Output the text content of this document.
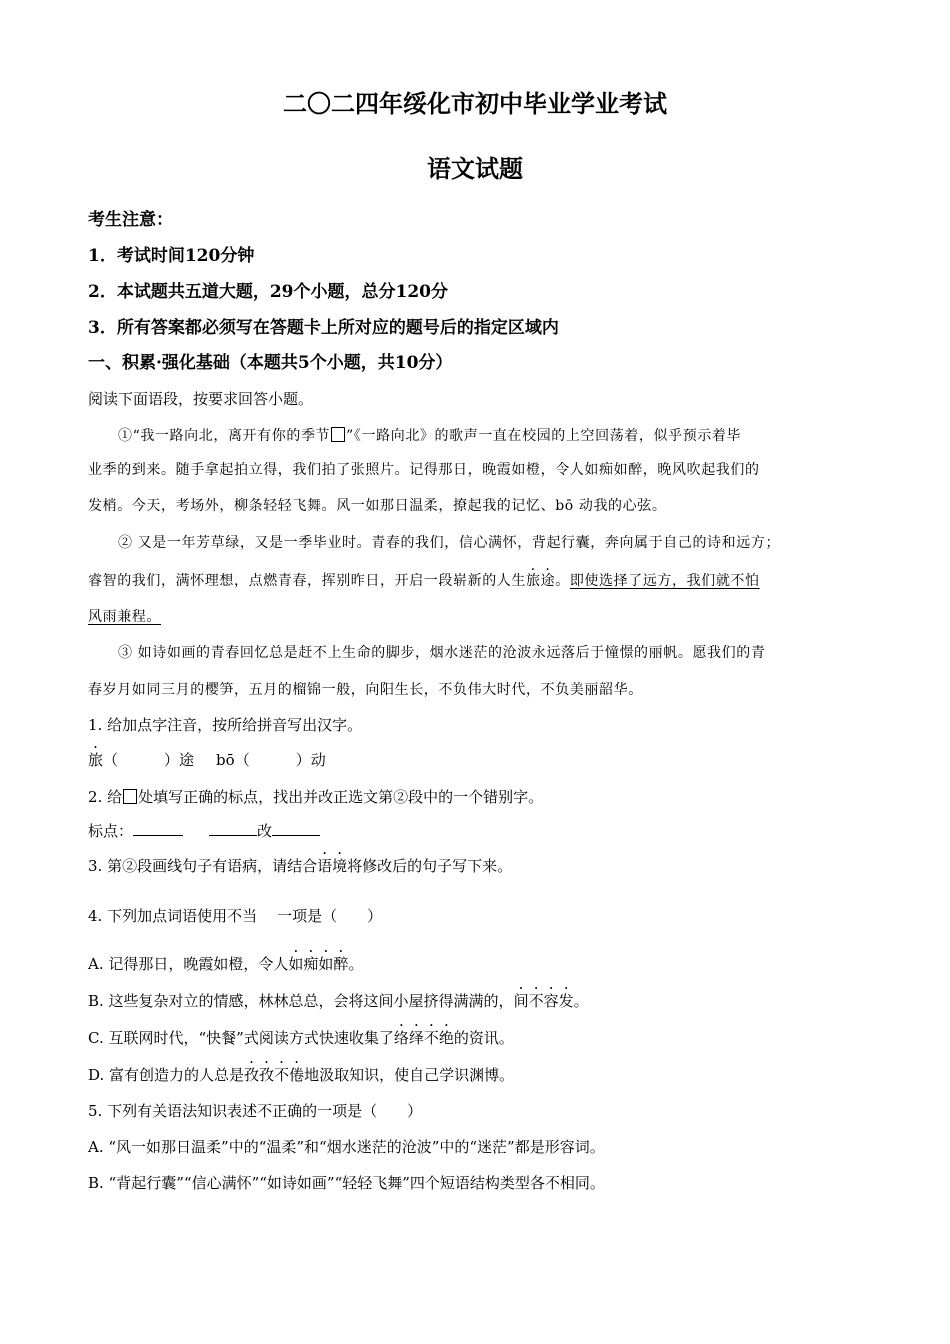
二〇二四年绥化市初中毕业学业考试
语文试题
考生注意：
1．考试时间120分钟
2．本试题共五道大题，29个小题，总分120分
3．所有答案都必须写在答题卡上所对应的题号后的指定区域内
一、积累·强化基础（本题共5个小题，共10分）
阅读下面语段，按要求回答小题。
①“我一路向北，离开有你的季节 ”《一路向北》的歌声一直在校园的上空回荡着，似乎预示着毕
业季的到来。随手拿起拍立得，我们拍了张照片。记得那日，晚霞如橙，令人如痴如醉，晚风吹起我们的
发梢。今天，考场外，柳条轻轻飞舞。风一如那日温柔，撩起我的记忆、bō 动我的心弦。
② 又是一年芳草绿，又是一季毕业时。青春的我们，信心满怀，背起行囊，奔向属于自己的诗和远方；
睿智的我们，满怀理想，点燃青春，挥别昨日，开启一段崭新的人生旅途。即使选择了远方，我们就不怕
风雨兼程。
③ 如诗如画的青春回忆总是赶不上生命的脚步，烟水迷茫的沧波永远落后于憧憬的丽帆。愿我们的青
春岁月如同三月的樱笋，五月的榴锦一般，向阳生长，不负伟大时代，不负美丽韶华。
1. 给加点字注音，按所给拼音写出汉字。
旅（	）途 bō（	）动
2. 给 处填写正确的标点，找出并改正选文第②段中的一个错别字。
标点：	改
3. 第②段画线句子有语病，请结合语境将修改后的句子写下来。
4. 下列加点词语使用不当 一项是（ ）
A. 记得那日，晚霞如橙，令人如痴如醉。
B. 这些复杂对立的情感，林林总总，会将这间小屋挤得满满的，间不容发。
C. 互联网时代，“快餐”式阅读方式快速收集了络绎不绝的资讯。
D. 富有创造力的人总是孜孜不倦地汲取知识，使自己学识渊博。
5. 下列有关语法知识表述不正确的一项是（ ）
A. “风一如那日温柔”中的“温柔”和“烟水迷茫的沧波”中的“迷茫”都是形容词。
B. “背起行囊”“信心满怀”“如诗如画”“轻轻飞舞”四个短语结构类型各不相同。
